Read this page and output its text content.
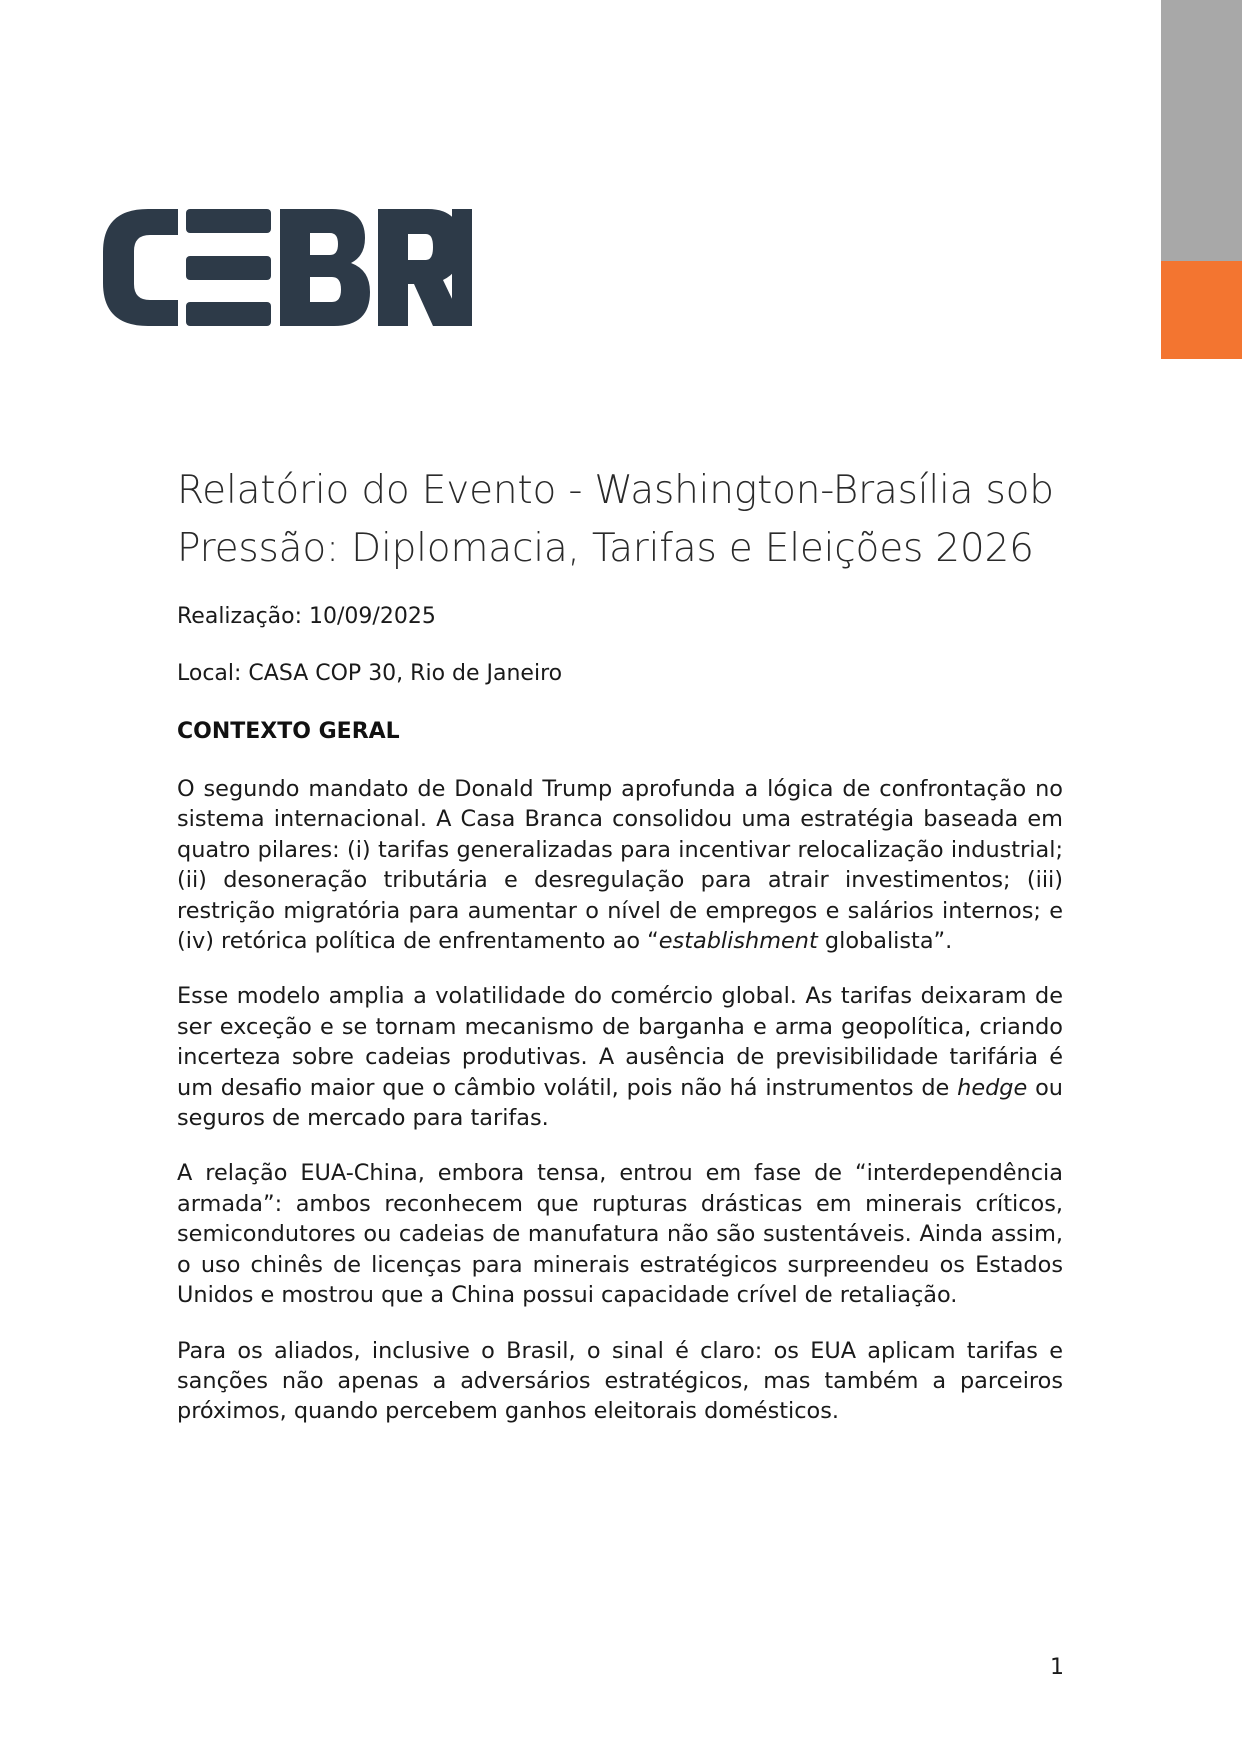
Relatório do Evento - Washington-Brasília sob Pressão: Diplomacia, Tarifas e Eleições 2026

Realização: 10/09/2025

Local: CASA COP 30, Rio de Janeiro

CONTEXTO GERAL

O segundo mandato de Donald Trump aprofunda a lógica de confrontação no sistema internacional. A Casa Branca consolidou uma estratégia baseada em quatro pilares: (i) tarifas generalizadas para incentivar relocalização industrial; (ii) desoneração tributária e desregulação para atrair investimentos; (iii) restrição migratória para aumentar o nível de empregos e salários internos; e (iv) retórica política de enfrentamento ao “establishment globalista”.

Esse modelo amplia a volatilidade do comércio global. As tarifas deixaram de ser exceção e se tornam mecanismo de barganha e arma geopolítica, criando incerteza sobre cadeias produtivas. A ausência de previsibilidade tarifária é um desafio maior que o câmbio volátil, pois não há instrumentos de hedge ou seguros de mercado para tarifas.

A relação EUA-China, embora tensa, entrou em fase de “interdependência armada”: ambos reconhecem que rupturas drásticas em minerais críticos, semicondutores ou cadeias de manufatura não são sustentáveis. Ainda assim, o uso chinês de licenças para minerais estratégicos surpreendeu os Estados Unidos e mostrou que a China possui capacidade crível de retaliação.

Para os aliados, inclusive o Brasil, o sinal é claro: os EUA aplicam tarifas e sanções não apenas a adversários estratégicos, mas também a parceiros próximos, quando percebem ganhos eleitorais domésticos.

1
